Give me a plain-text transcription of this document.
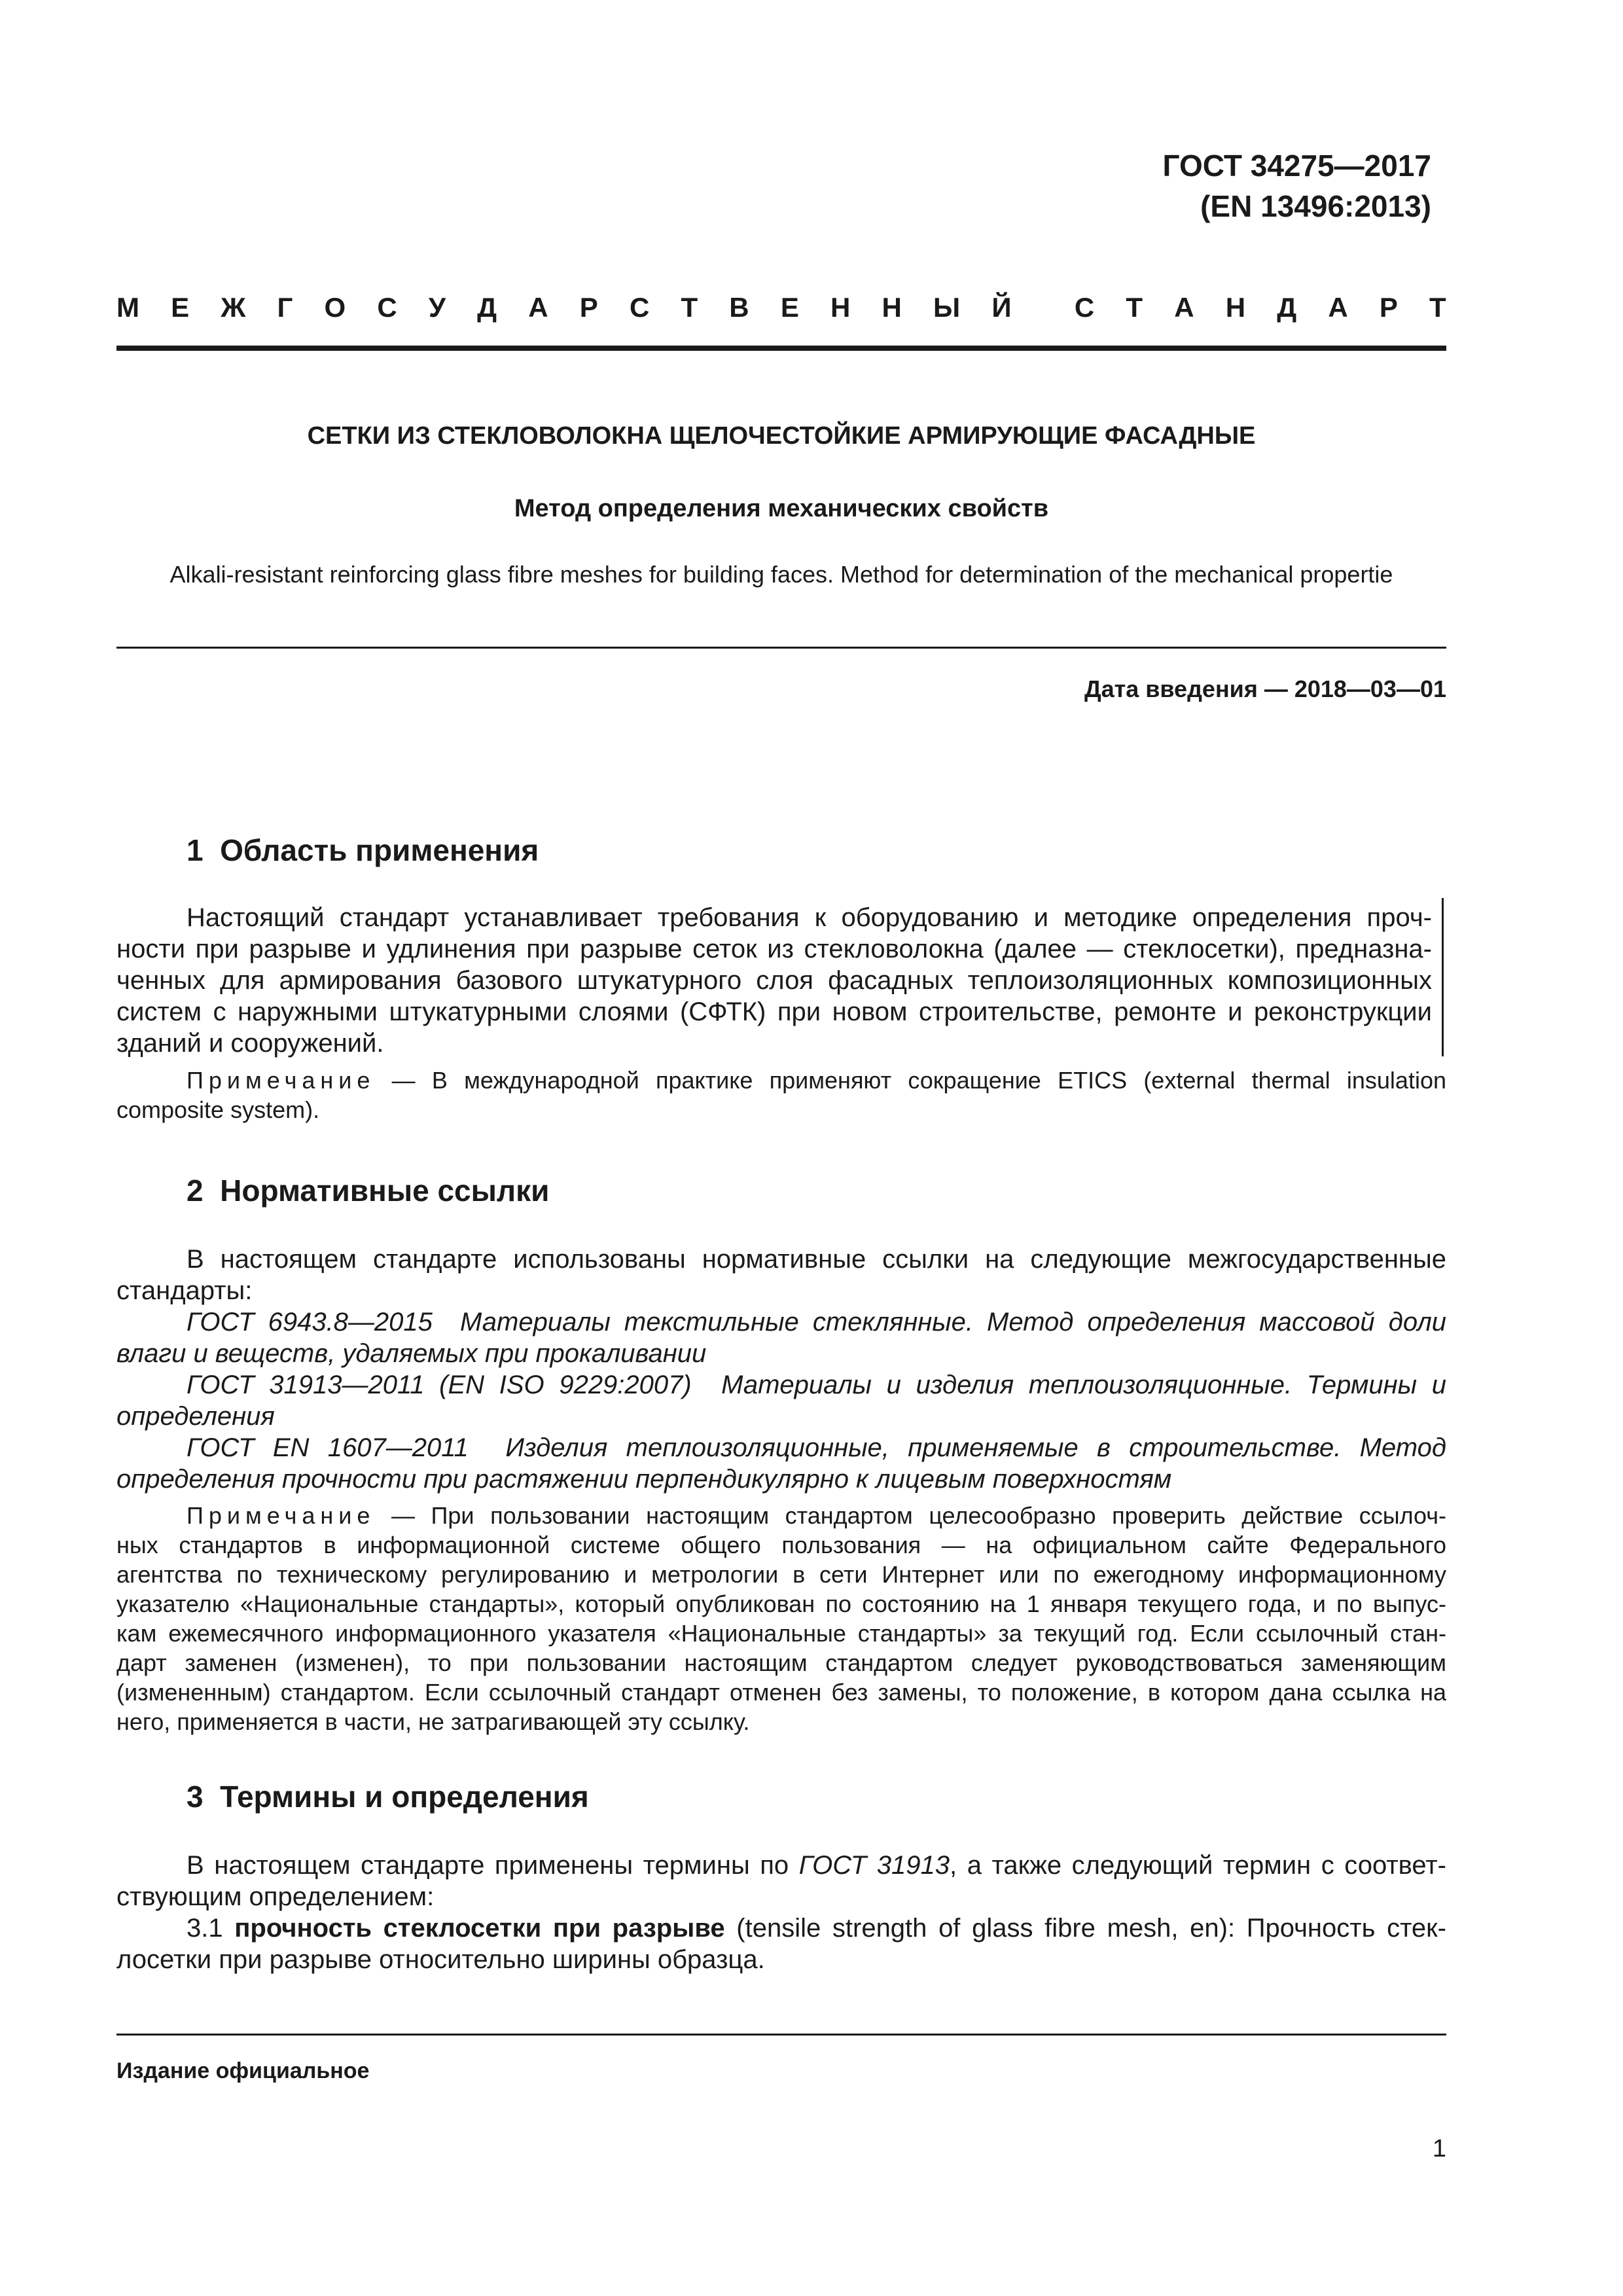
ГОСТ 34275—2017
(EN 13496:2013)
М Е Ж Г О С У Д А Р С Т В Е Н Н Ы Й С Т А Н Д А Р Т
СЕТКИ ИЗ СТЕКЛОВОЛОКНА ЩЕЛОЧЕСТОЙКИЕ АРМИРУЮЩИЕ ФАСАДНЫЕ
Метод определения механических свойств
Alkali-resistant reinforcing glass fibre meshes for building faces. Method for determination of the mechanical propertie
Дата введения — 2018—03—01
1  Область применения
Настоящий стандарт устанавливает требования к оборудованию и методике определения проч-
ности при разрыве и удлинения при разрыве сеток из стекловолокна (далее — стеклосетки), предназна-
ченных для армирования базового штукатурного слоя фасадных теплоизоляционных композиционных
систем с наружными штукатурными слоями (СФТК) при новом строительстве, ремонте и реконструкции
зданий и сооружений.
Примечание — В международной практике применяют сокращение ETICS (external thermal insulation
composite system).
2  Нормативные ссылки
В настоящем стандарте использованы нормативные ссылки на следующие межгосударственные
стандарты:
ГОСТ 6943.8—2015  Материалы текстильные стеклянные. Метод определения массовой доли
влаги и веществ, удаляемых при прокаливании
ГОСТ 31913—2011 (EN ISO 9229:2007)  Материалы и изделия теплоизоляционные. Термины и
определения
ГОСТ EN 1607—2011  Изделия теплоизоляционные, применяемые в строительстве. Метод
определения прочности при растяжении перпендикулярно к лицевым поверхностям
Примечание — При пользовании настоящим стандартом целесообразно проверить действие ссылоч-
ных стандартов в информационной системе общего пользования — на официальном сайте Федерального
агентства по техническому регулированию и метрологии в сети Интернет или по ежегодному информационному
указателю «Национальные стандарты», который опубликован по состоянию на 1 января текущего года, и по выпус-
кам ежемесячного информационного указателя «Национальные стандарты» за текущий год. Если ссылочный стан-
дарт заменен (изменен), то при пользовании настоящим стандартом следует руководствоваться заменяющим
(измененным) стандартом. Если ссылочный стандарт отменен без замены, то положение, в котором дана ссылка на
него, применяется в части, не затрагивающей эту ссылку.
3  Термины и определения
В настоящем стандарте применены термины по ГОСТ 31913, а также следующий термин с соответ-
ствующим определением:
3.1 прочность стеклосетки при разрыве (tensile strength of glass fibre mesh, en): Прочность стек-
лосетки при разрыве относительно ширины образца.
Издание официальное
1
